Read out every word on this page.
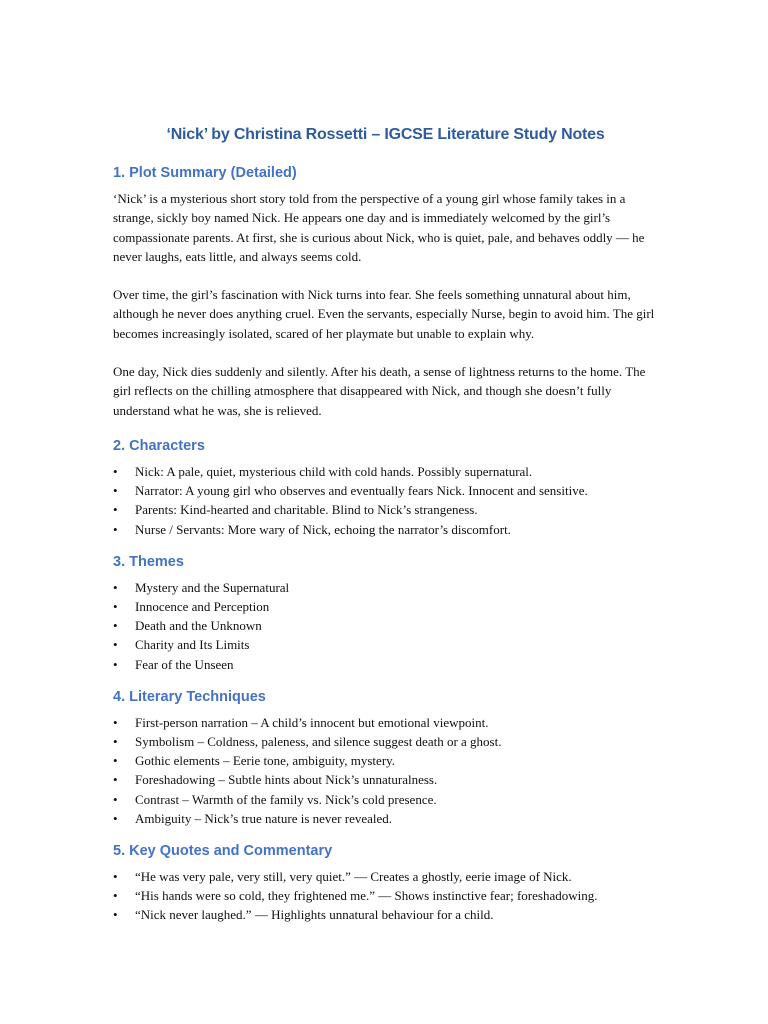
‘Nick’ by Christina Rossetti – IGCSE Literature Study Notes
1. Plot Summary (Detailed)

‘Nick’ is a mysterious short story told from the perspective of a young girl whose family takes in a strange, sickly boy named Nick. He appears one day and is immediately welcomed by the girl’s compassionate parents. At first, she is curious about Nick, who is quiet, pale, and behaves oddly — he never laughs, eats little, and always seems cold.

Over time, the girl’s fascination with Nick turns into fear. She feels something unnatural about him, although he never does anything cruel. Even the servants, especially Nurse, begin to avoid him. The girl becomes increasingly isolated, scared of her playmate but unable to explain why.

One day, Nick dies suddenly and silently. After his death, a sense of lightness returns to the home. The girl reflects on the chilling atmosphere that disappeared with Nick, and though she doesn’t fully understand what he was, she is relieved.

2. Characters
• Nick: A pale, quiet, mysterious child with cold hands. Possibly supernatural.
• Narrator: A young girl who observes and eventually fears Nick. Innocent and sensitive.
• Parents: Kind-hearted and charitable. Blind to Nick’s strangeness.
• Nurse / Servants: More wary of Nick, echoing the narrator’s discomfort.
3. Themes
• Mystery and the Supernatural
• Innocence and Perception
• Death and the Unknown
• Charity and Its Limits
• Fear of the Unseen
4. Literary Techniques
• First-person narration – A child’s innocent but emotional viewpoint.
• Symbolism – Coldness, paleness, and silence suggest death or a ghost.
• Gothic elements – Eerie tone, ambiguity, mystery.
• Foreshadowing – Subtle hints about Nick’s unnaturalness.
• Contrast – Warmth of the family vs. Nick’s cold presence.
• Ambiguity – Nick’s true nature is never revealed.
5. Key Quotes and Commentary
• “He was very pale, very still, very quiet.” — Creates a ghostly, eerie image of Nick.
• “His hands were so cold, they frightened me.” — Shows instinctive fear; foreshadowing.
• “Nick never laughed.” — Highlights unnatural behaviour for a child.
